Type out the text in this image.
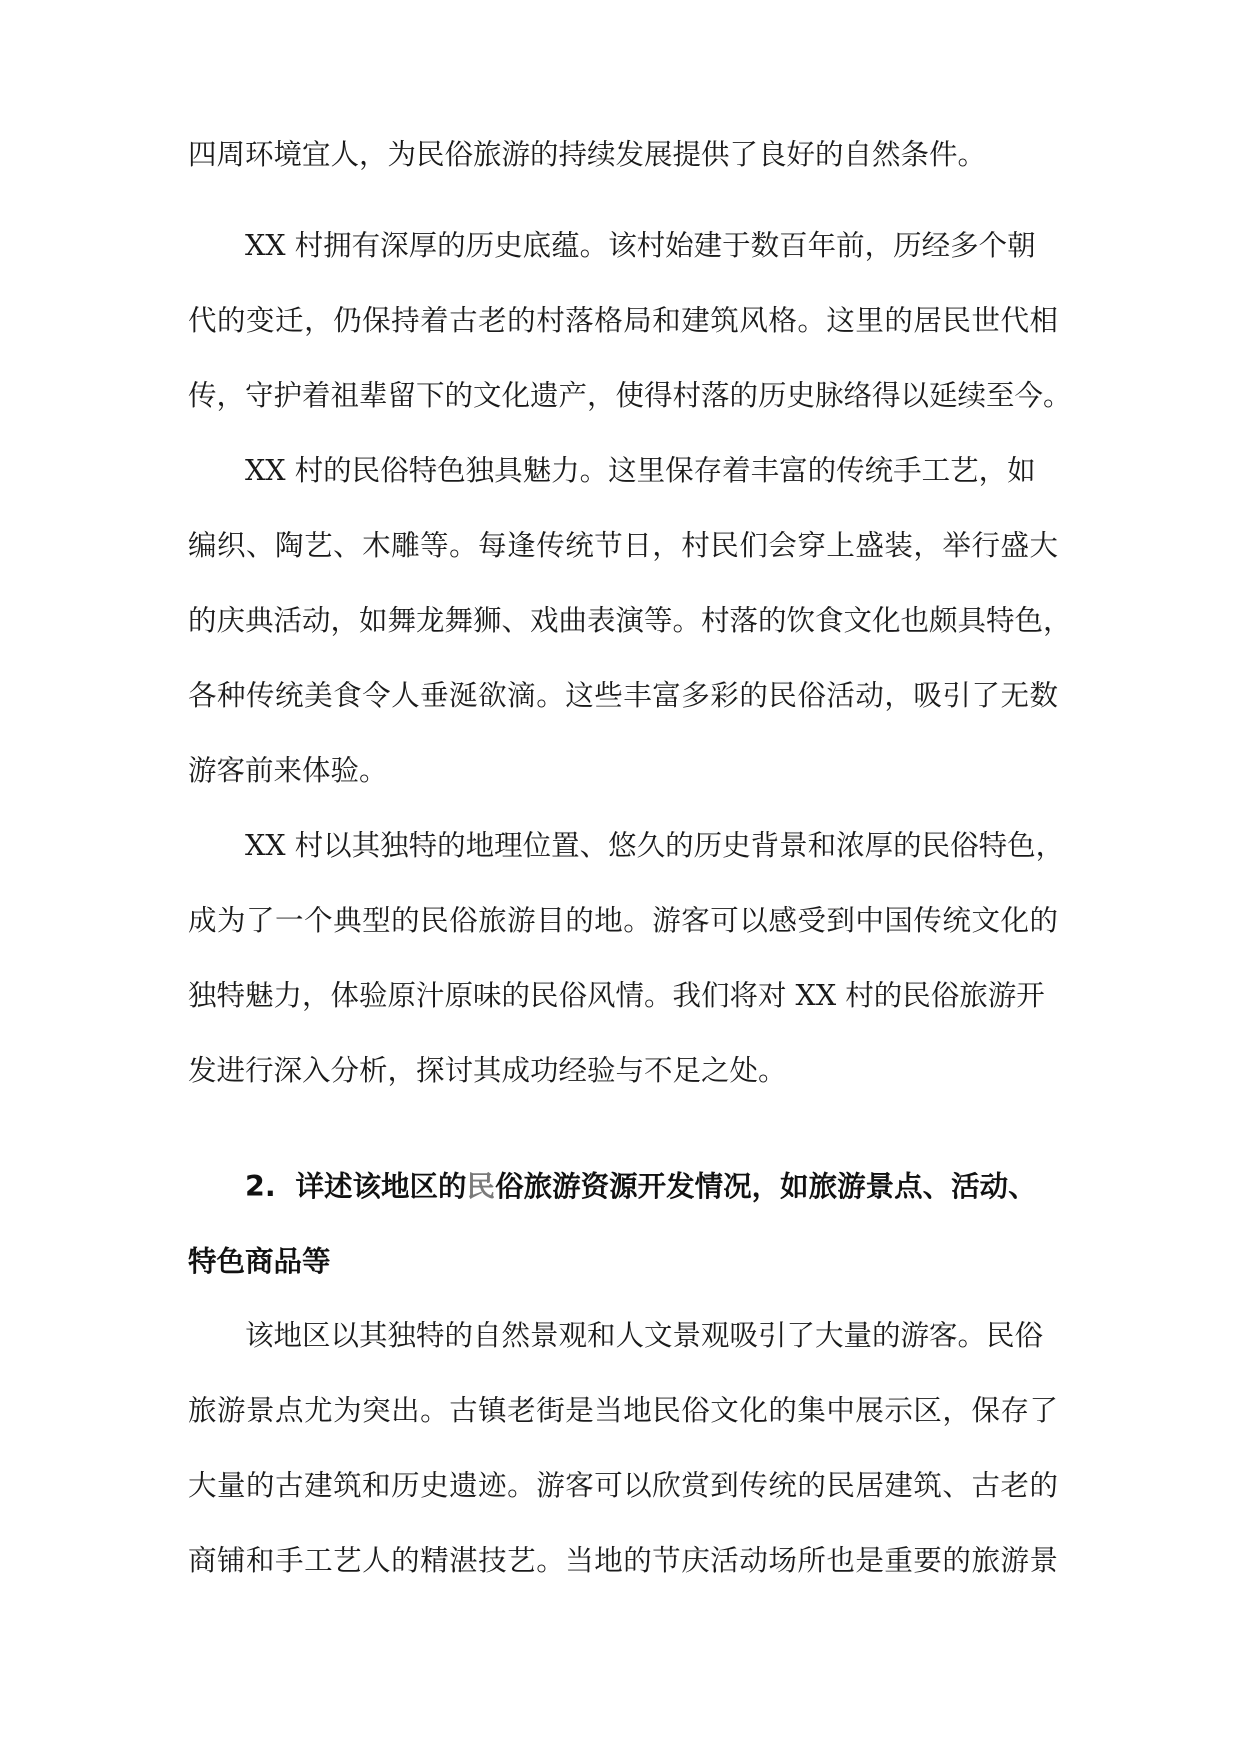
四周环境宜人，为民俗旅游的持续发展提供了良好的自然条件。
XX 村拥有深厚的历史底蕴。该村始建于数百年前，历经多个朝
代的变迁，仍保持着古老的村落格局和建筑风格。这里的居民世代相
传，守护着祖辈留下的文化遗产，使得村落的历史脉络得以延续至今。
XX 村的民俗特色独具魅力。这里保存着丰富的传统手工艺，如
编织、陶艺、木雕等。每逢传统节日，村民们会穿上盛装，举行盛大
的庆典活动，如舞龙舞狮、戏曲表演等。村落的饮食文化也颇具特色，
各种传统美食令人垂涎欲滴。这些丰富多彩的民俗活动，吸引了无数
游客前来体验。
XX 村以其独特的地理位置、悠久的历史背景和浓厚的民俗特色，
成为了一个典型的民俗旅游目的地。游客可以感受到中国传统文化的
独特魅力，体验原汁原味的民俗风情。我们将对 XX 村的民俗旅游开
发进行深入分析，探讨其成功经验与不足之处。
2. 详述该地区的民俗旅游资源开发情况，如旅游景点、活动、
特色商品等
该地区以其独特的自然景观和人文景观吸引了大量的游客。民俗
旅游景点尤为突出。古镇老街是当地民俗文化的集中展示区，保存了
大量的古建筑和历史遗迹。游客可以欣赏到传统的民居建筑、古老的
商铺和手工艺人的精湛技艺。当地的节庆活动场所也是重要的旅游景
